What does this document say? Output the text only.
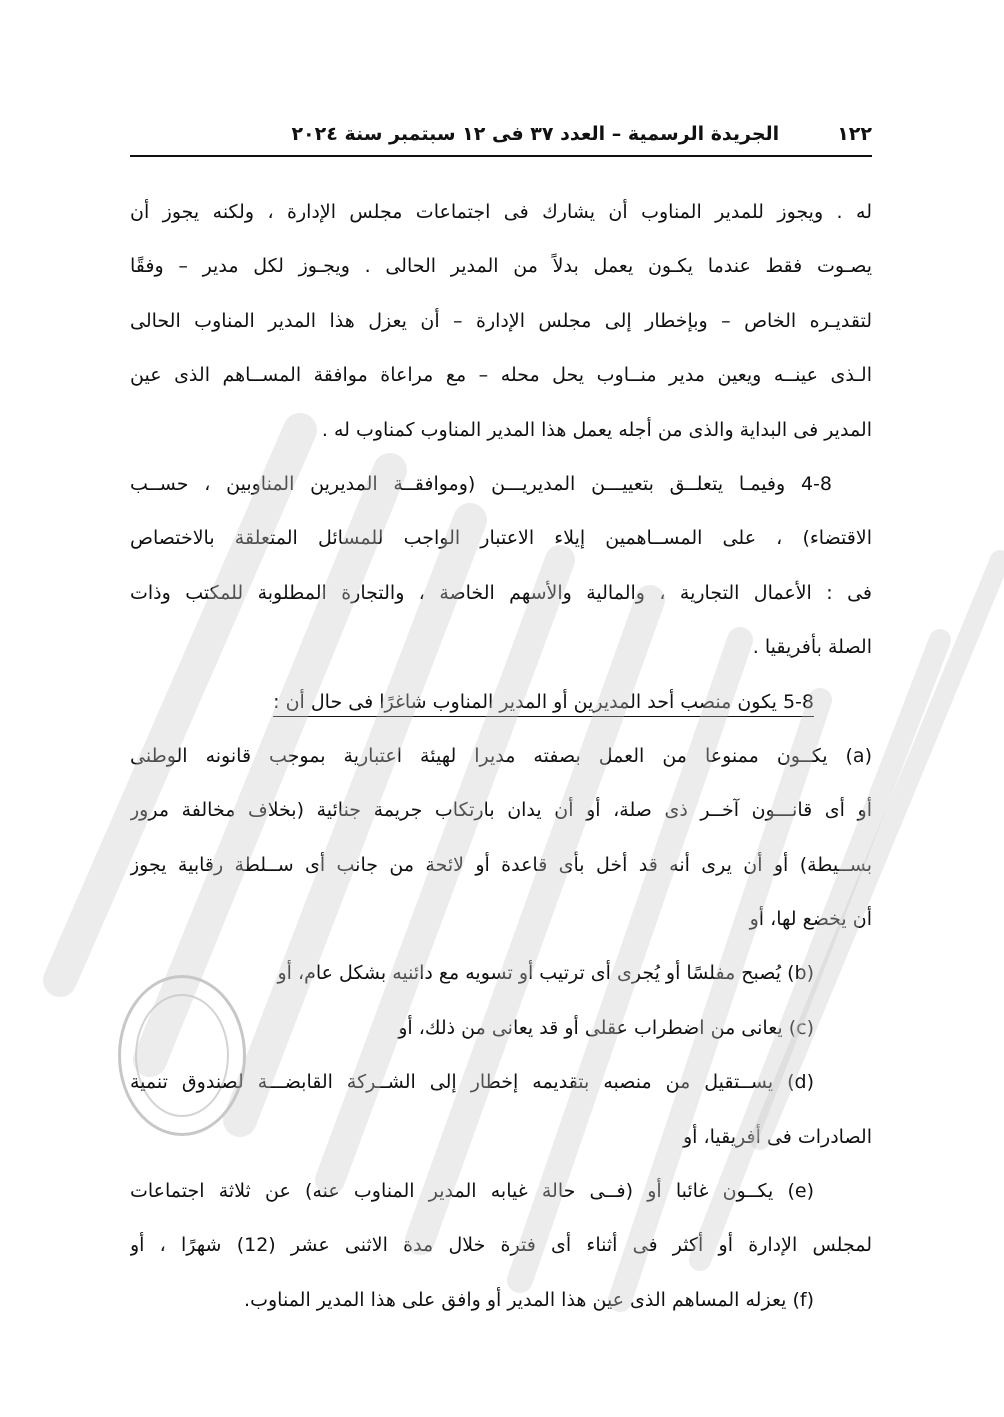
١٢٢
الجريدة الرسمية – العدد ٣٧ فى ١٢ سبتمبر سنة ٢٠٢٤
له . ويجوز للمدير المناوب أن يشارك فى اجتماعات مجلس الإدارة ، ولكنه يجوز أن
يصـوت فقط عندما يكـون يعمل بدلاً من المدير الحالى . ويجـوز لكل مدير – وفقًا
لتقديـره الخاص – وبإخطار إلى مجلس الإدارة – أن يعزل هذا المدير المناوب الحالى
الـذى عينــه ويعين مدير منــاوب يحل محله – مع مراعاة موافقة المســاهم الذى عين
المدير فى البداية والذى من أجله يعمل هذا المدير المناوب كمناوب له .
4-8 وفيمـا يتعلــق بتعييـــن المديريـــن (وموافقــة المديرين المناوبين ، حســب
الاقتضاء) ، على المســاهمين إيلاء الاعتبار الواجب للمسائل المتعلقة بالاختصاص
فى : الأعمال التجارية ، والمالية والأسهم الخاصة ، والتجارة المطلوبة للمكتب وذات
الصلة بأفريقيا .
5-8 يكون منصب أحد المديرين أو المدير المناوب شاغرًا فى حال أن :
(a) يكــون ممنوعا من العمل بصفته مديرا لهيئة اعتبارية بموجب قانونه الوطنى
أو أى قانـــون آخــر ذى صلة، أو أن يدان بارتكاب جريمة جنائية (بخلاف مخالفة مرور
بســيطة) أو أن يرى أنه قد أخل بأى قاعدة أو لائحة من جانب أى ســلطة رقابية يجوز
أن يخضع لها، أو
(b) يُصبح مفلسًا أو يُجرى أى ترتيب أو تسويه مع دائنيه بشكل عام، أو
(c) يعانى من اضطراب عقلى أو قد يعانى من ذلك، أو
(d) يســتقيل من منصبه بتقديمه إخطار إلى الشــركة القابضـــة لصندوق تنمية
الصادرات فى أفريقيا، أو
(e) يكــون غائبا أو (فــى حالة غيابه المدير المناوب عنه) عن ثلاثة اجتماعات
لمجلس الإدارة أو أكثر فى أثناء أى فترة خلال مدة الاثنى عشر (12) شهرًا ، أو
(f) يعزله المساهم الذى عين هذا المدير أو وافق على هذا المدير المناوب.
